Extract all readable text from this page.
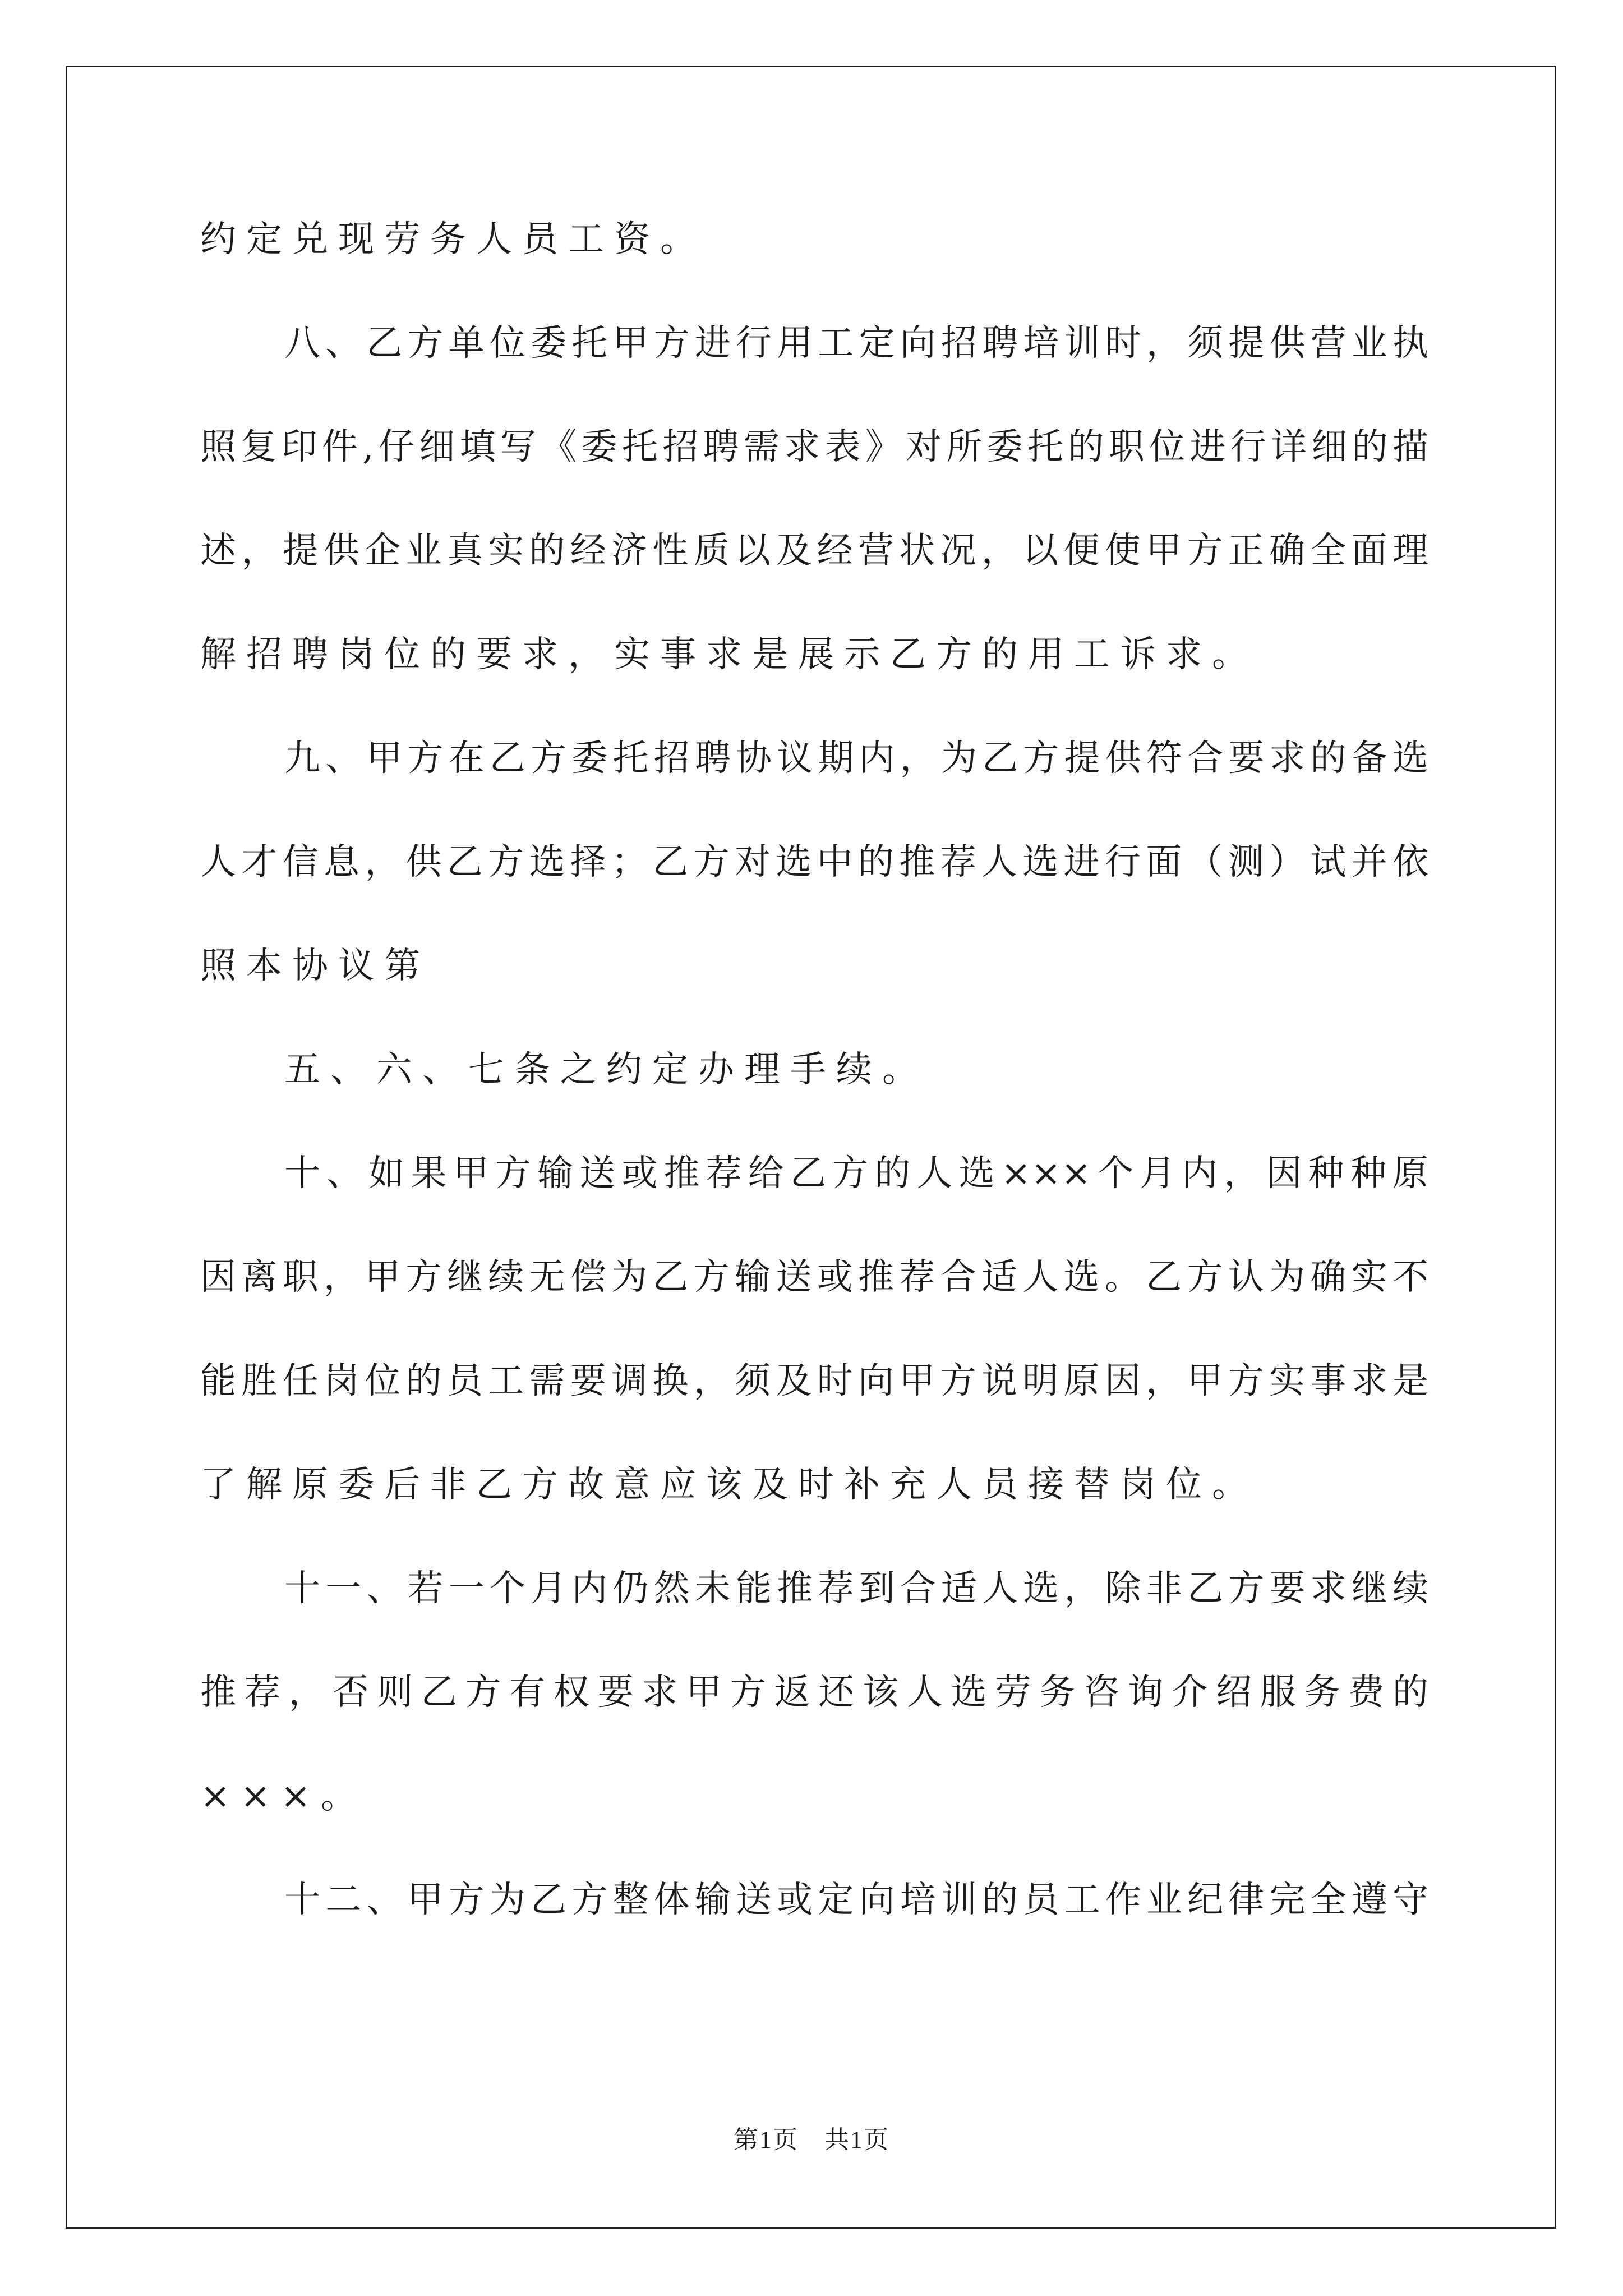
约定兑现劳务人员工资。
八、乙方单位委托甲方进行用工定向招聘培训时，须提供营业执
照复印件,仔细填写《委托招聘需求表》对所委托的职位进行详细的描
述，提供企业真实的经济性质以及经营状况，以便使甲方正确全面理
解招聘岗位的要求，实事求是展示乙方的用工诉求。
九、甲方在乙方委托招聘协议期内，为乙方提供符合要求的备选
人才信息，供乙方选择；乙方对选中的推荐人选进行面（测）试并依
照本协议第
五、六、七条之约定办理手续。
十、如果甲方输送或推荐给乙方的人选×××个月内，因种种原
因离职，甲方继续无偿为乙方输送或推荐合适人选。乙方认为确实不
能胜任岗位的员工需要调换，须及时向甲方说明原因，甲方实事求是
了解原委后非乙方故意应该及时补充人员接替岗位。
十一、若一个月内仍然未能推荐到合适人选，除非乙方要求继续
推荐，否则乙方有权要求甲方返还该人选劳务咨询介绍服务费的
×××。
十二、甲方为乙方整体输送或定向培训的员工作业纪律完全遵守
第1页　共1页
